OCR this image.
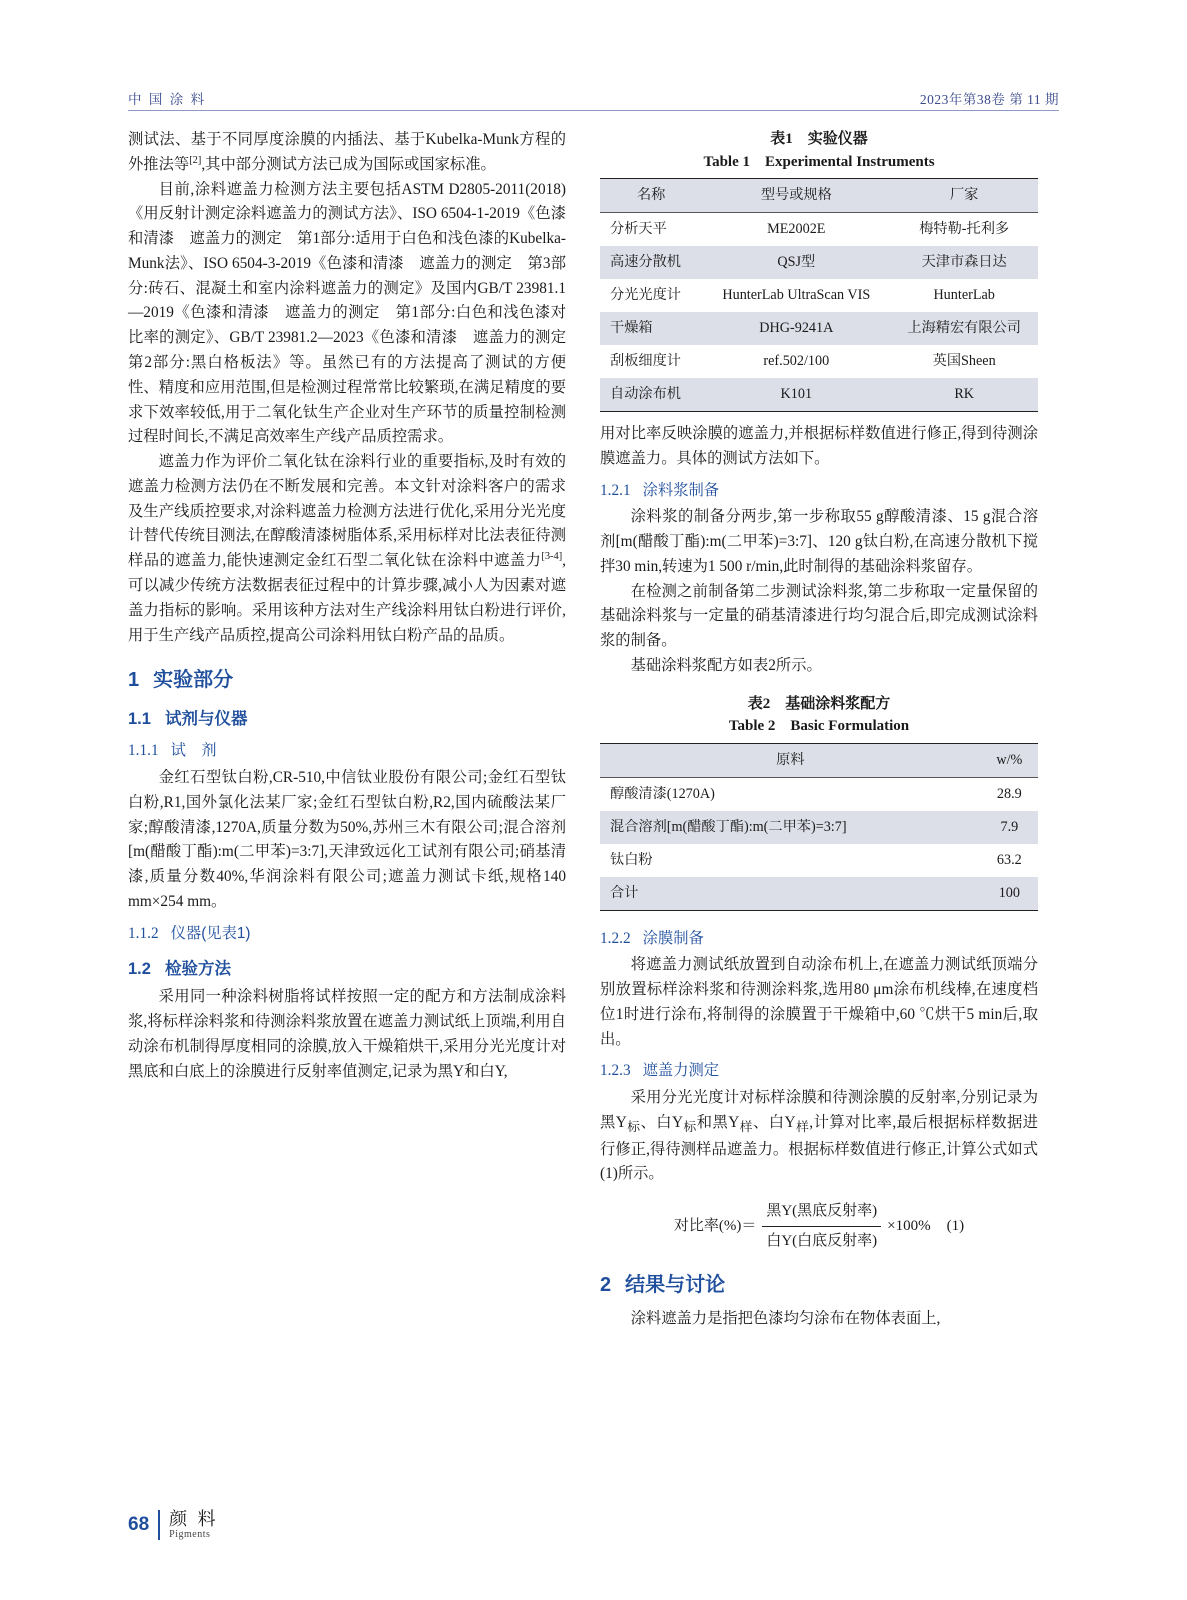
中 国 涂 料	2023年第38卷 第 11 期

测试法、基于不同厚度涂膜的内插法、基于Kubelka-Munk方程的外推法等[2],其中部分测试方法已成为国际或国家标准。

目前,涂料遮盖力检测方法主要包括ASTM D2805-2011(2018)《用反射计测定涂料遮盖力的测试方法》、ISO 6504-1-2019《色漆和清漆　遮盖力的测定　第1部分:适用于白色和浅色漆的Kubelka-Munk法》、ISO 6504-3-2019《色漆和清漆　遮盖力的测定　第3部分:砖石、混凝土和室内涂料遮盖力的测定》及国内GB/T 23981.1—2019《色漆和清漆　遮盖力的测定　第1部分:白色和浅色漆对比率的测定》、GB/T 23981.2—2023《色漆和清漆　遮盖力的测定　第2部分:黑白格板法》等。虽然已有的方法提高了测试的方便性、精度和应用范围,但是检测过程常常比较繁琐,在满足精度的要求下效率较低,用于二氧化钛生产企业对生产环节的质量控制检测过程时间长,不满足高效率生产线产品质控需求。

遮盖力作为评价二氧化钛在涂料行业的重要指标,及时有效的遮盖力检测方法仍在不断发展和完善。本文针对涂料客户的需求及生产线质控要求,对涂料遮盖力检测方法进行优化,采用分光光度计替代传统目测法,在醇酸清漆树脂体系,采用标样对比法表征待测样品的遮盖力,能快速测定金红石型二氧化钛在涂料中遮盖力[3-4],可以减少传统方法数据表征过程中的计算步骤,减小人为因素对遮盖力指标的影响。采用该种方法对生产线涂料用钛白粉进行评价,用于生产线产品质控,提高公司涂料用钛白粉产品的品质。

1 实验部分
1.1 试剂与仪器
1.1.1 试　剂

金红石型钛白粉,CR-510,中信钛业股份有限公司;金红石型钛白粉,R1,国外氯化法某厂家;金红石型钛白粉,R2,国内硫酸法某厂家;醇酸清漆,1270A,质量分数为50%,苏州三木有限公司;混合溶剂[m(醋酸丁酯):m(二甲苯)=3:7],天津致远化工试剂有限公司;硝基清漆,质量分数40%,华润涂料有限公司;遮盖力测试卡纸,规格140 mm×254 mm。

1.1.2 仪器(见表1)
1.2 检验方法

采用同一种涂料树脂将试样按照一定的配方和方法制成涂料浆,将标样涂料浆和待测涂料浆放置在遮盖力测试纸上顶端,利用自动涂布机制得厚度相同的涂膜,放入干燥箱烘干,采用分光光度计对黑底和白底上的涂膜进行反射率值测定,记录为黑Y和白Y,

表1　实验仪器
Table 1　Experimental Instruments
名称	型号或规格	厂家
分析天平	ME2002E	梅特勒-托利多
高速分散机	QSJ型	天津市森日达
分光光度计	HunterLab UltraScan VIS	HunterLab
干燥箱	DHG-9241A	上海精宏有限公司
刮板细度计	ref.502/100	英国Sheen
自动涂布机	K101	RK

用对比率反映涂膜的遮盖力,并根据标样数值进行修正,得到待测涂膜遮盖力。具体的测试方法如下。

1.2.1 涂料浆制备

涂料浆的制备分两步,第一步称取55 g醇酸清漆、15 g混合溶剂[m(醋酸丁酯):m(二甲苯)=3:7]、120 g钛白粉,在高速分散机下搅拌30 min,转速为1 500 r/min,此时制得的基础涂料浆留存。

在检测之前制备第二步测试涂料浆,第二步称取一定量保留的基础涂料浆与一定量的硝基清漆进行均匀混合后,即完成测试涂料浆的制备。

基础涂料浆配方如表2所示。

表2　基础涂料浆配方
Table 2　Basic Formulation
原料	w/%
醇酸清漆(1270A)	28.9
混合溶剂[m(醋酸丁酯):m(二甲苯)=3:7]	7.9
钛白粉	63.2
合计	100
1.2.2 涂膜制备

将遮盖力测试纸放置到自动涂布机上,在遮盖力测试纸顶端分别放置标样涂料浆和待测涂料浆,选用80 μm涂布机线棒,在速度档位1时进行涂布,将制得的涂膜置于干燥箱中,60 ℃烘干5 min后,取出。

1.2.3 遮盖力测定

采用分光光度计对标样涂膜和待测涂膜的反射率,分别记录为黑$Y_标$、白$Y_标$和黑$Y_样$、白$Y_样$,计算对比率,最后根据标样数据进行修正,得待测样品遮盖力。根据标样数值进行修正,计算公式如式(1)所示。

对比率(%)＝ $\frac{\text{黑Y(黑底反射率)}}{\text{白Y(白底反射率)}} \times 100\%$ (1)
2 结果与讨论

涂料遮盖力是指把色漆均匀涂布在物体表面上,

68 颜 料
Pigments
